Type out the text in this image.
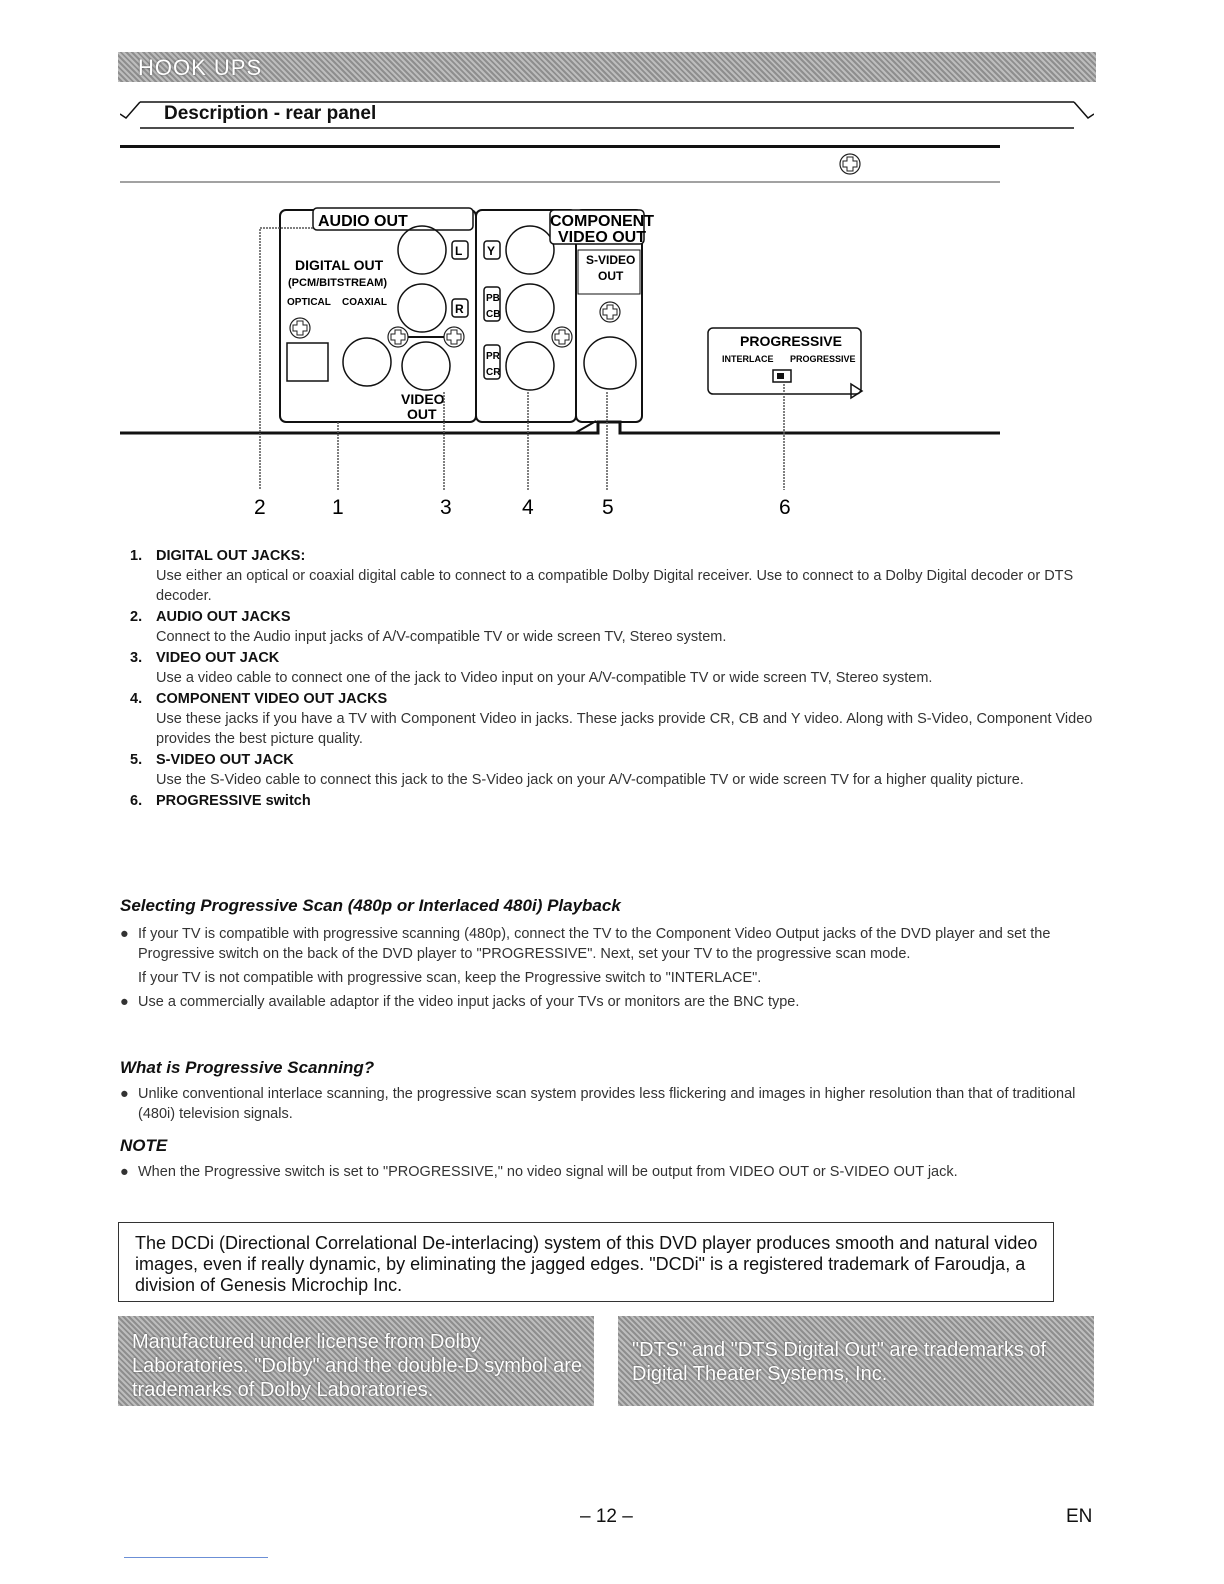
HOOK UPS
Description - rear panel
AUDIO OUT
DIGITAL OUT
(PCM/BITSTREAM)
OPTICAL COAXIAL
L
R
VIDEO
OUT
Y
PB
CB
PR
CR
COMPONENT
VIDEO OUT
S-VIDEO
OUT
PROGRESSIVE
INTERLACE PROGRESSIVE
2	1	3	4	5	6
1. DIGITAL OUT JACKS:
Use either an optical or coaxial digital cable to connect to a compatible Dolby Digital receiver. Use to connect to a Dolby Digital decoder or DTS decoder.
2. AUDIO OUT JACKS
Connect to the Audio input jacks of A/V-compatible TV or wide screen TV, Stereo system.
3. VIDEO OUT JACK
Use a video cable to connect one of the jack to Video input on your A/V-compatible TV or wide screen TV, Stereo system.
4. COMPONENT VIDEO OUT JACKS
Use these jacks if you have a TV with Component Video in jacks. These jacks provide CR, CB and Y video. Along with S-Video, Component Video provides the best picture quality.
5. S-VIDEO OUT JACK
Use the S-Video cable to connect this jack to the S-Video jack on your A/V-compatible TV or wide screen TV for a higher quality picture.
6. PROGRESSIVE switch
Selecting Progressive Scan (480p or Interlaced 480i) Playback

● If your TV is compatible with progressive scanning (480p), connect the TV to the Component Video Output jacks of the DVD player and set the Progressive switch on the back of the DVD player to "PROGRESSIVE". Next, set your TV to the progressive scan mode.

If your TV is not compatible with progressive scan, keep the Progressive switch to "INTERLACE".

● Use a commercially available adaptor if the video input jacks of your TVs or monitors are the BNC type.

What is Progressive Scanning?

● Unlike conventional interlace scanning, the progressive scan system provides less flickering and images in higher resolution than that of traditional (480i) television signals.

NOTE

● When the Progressive switch is set to "PROGRESSIVE," no video signal will be output from VIDEO OUT or S-VIDEO OUT jack.

The DCDi (Directional Correlational De-interlacing) system of this DVD player produces smooth and natural video images, even if really dynamic, by eliminating the jagged edges. "DCDi" is a registered trademark of Faroudja, a division of Genesis Microchip Inc.
Manufactured under license from Dolby Laboratories. "Dolby" and the double-D symbol are trademarks of Dolby Laboratories.
"DTS" and "DTS Digital Out" are trademarks of Digital Theater Systems, Inc.
– 12 –	EN
